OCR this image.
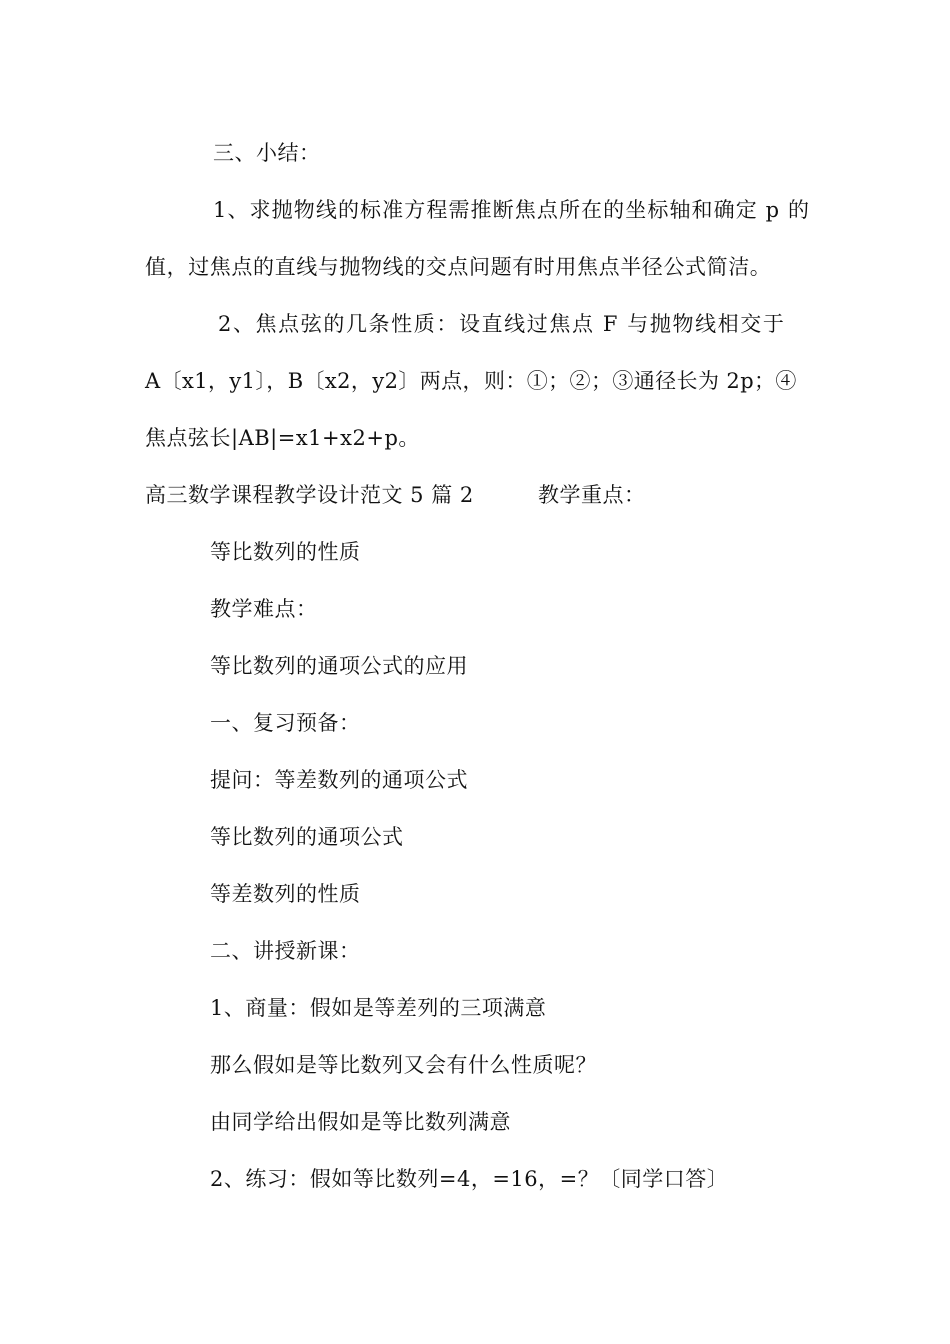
三、小结：
1、求抛物线的标准方程需推断焦点所在的坐标轴和确定 p 的
值，过焦点的直线与抛物线的交点问题有时用焦点半径公式简洁。
2、焦点弦的几条性质：设直线过焦点 F 与抛物线相交于
A〔x1，y1〕，B〔x2，y2〕两点，则：①；②；③通径长为 2p；④
焦点弦长|AB|=x1+x2+p。
高三数学课程教学设计范文 5 篇 2	教学重点：
等比数列的性质
教学难点：
等比数列的通项公式的应用
一、复习预备：
提问：等差数列的通项公式
等比数列的通项公式
等差数列的性质
二、讲授新课：
1、商量：假如是等差列的三项满意
那么假如是等比数列又会有什么性质呢？
由同学给出假如是等比数列满意
2、练习：假如等比数列=4，=16，=？〔同学口答〕
